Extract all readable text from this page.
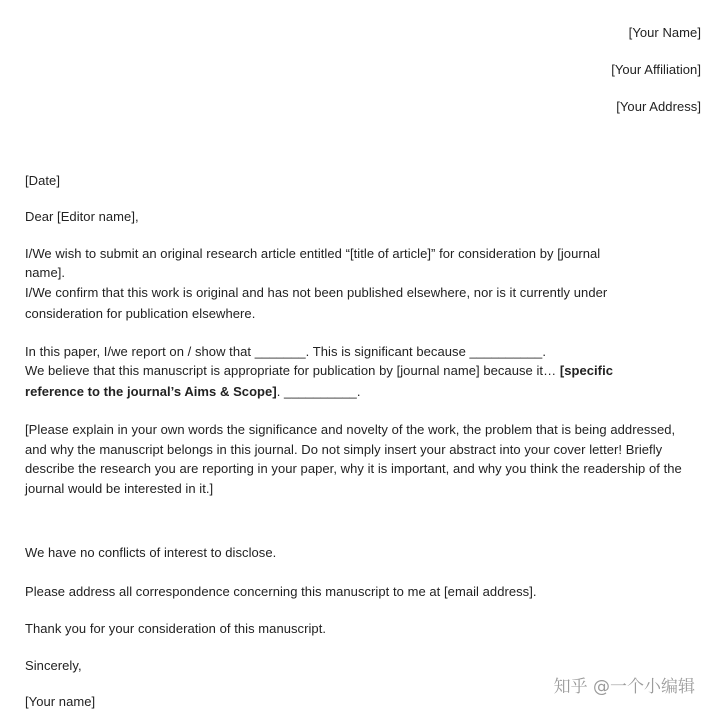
[Your Name]
[Your Affiliation]
[Your Address]
[Date]
Dear [Editor name],
I/We wish to submit an original research article entitled “[title of article]” for consideration by [journal
name].
I/We confirm that this work is original and has not been published elsewhere, nor is it currently under
consideration for publication elsewhere.
In this paper, I/we report on / show that _______. This is significant because __________.
We believe that this manuscript is appropriate for publication by [journal name] because it… [specific
reference to the journal’s Aims & Scope]. __________.
[Please explain in your own words the significance and novelty of the work, the problem that is being addressed, and why the manuscript belongs in this journal. Do not simply insert your abstract into your cover letter! Briefly describe the research you are reporting in your paper, why it is important, and why you think the readership of the journal would be interested in it.]
We have no conflicts of interest to disclose.
Please address all correspondence concerning this manuscript to me at [email address].
Thank you for your consideration of this manuscript.
Sincerely,
[Your name]
知乎 @一个小编辑
